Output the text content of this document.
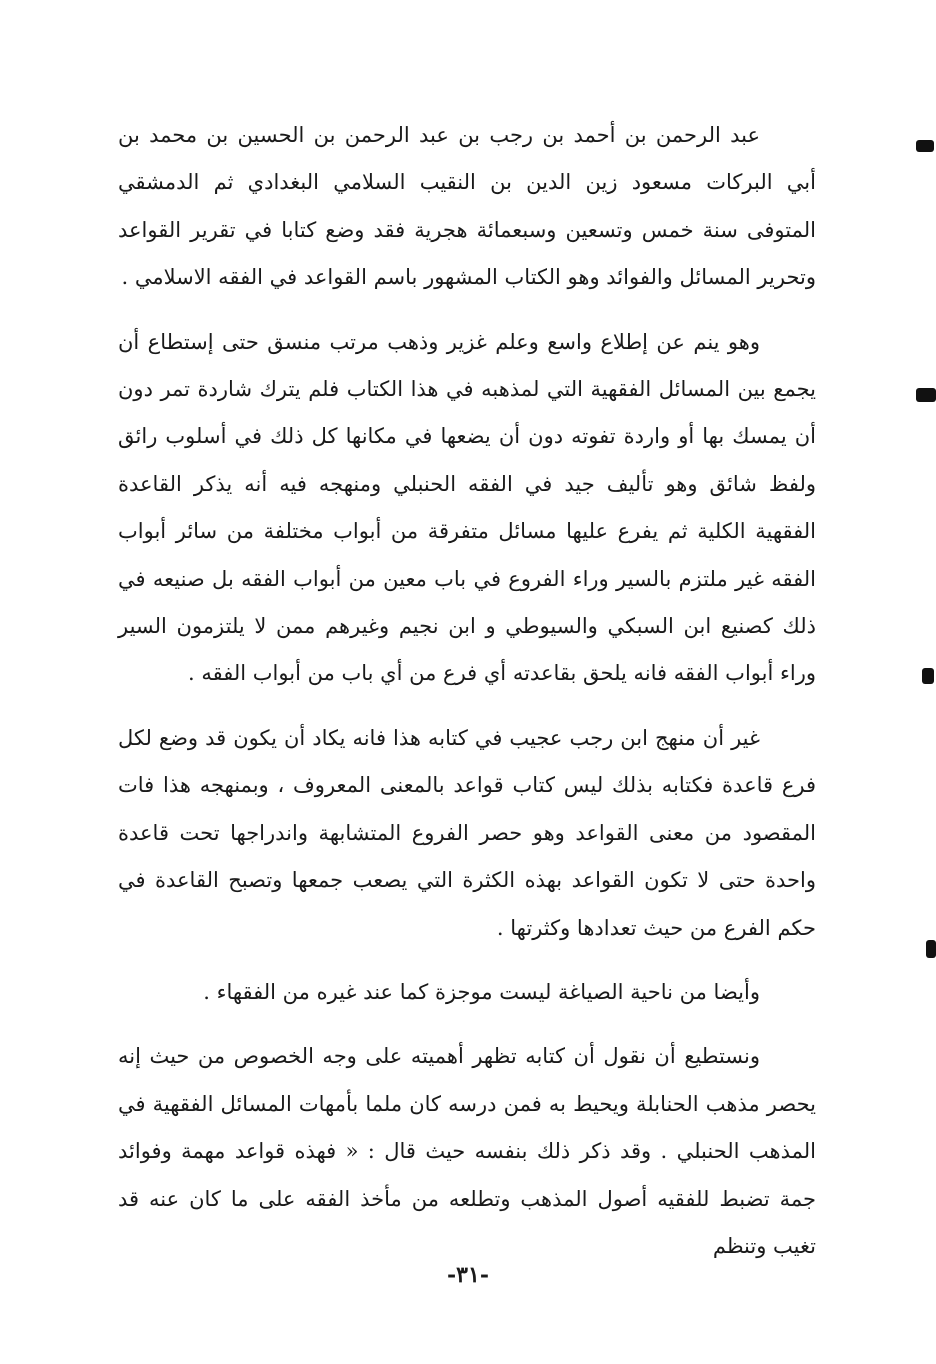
عبد الرحمن بن أحمد بن رجب بن عبد الرحمن بن الحسين بن محمد بن أبي البركات مسعود زين الدين بن النقيب السلامي البغدادي ثم الدمشقي المتوفى سنة خمس وتسعين وسبعمائة هجرية فقد وضع كتابا في تقرير القواعد وتحرير المسائل والفوائد وهو الكتاب المشهور باسم القواعد في الفقه الاسلامي .

وهو ينم عن إطلاع واسع وعلم غزير وذهب مرتب منسق حتى إستطاع أن يجمع بين المسائل الفقهية التي لمذهبه في هذا الكتاب فلم يترك شاردة تمر دون أن يمسك بها أو واردة تفوته دون أن يضعها في مكانها كل ذلك في أسلوب رائق ولفظ شائق وهو تأليف جيد في الفقه الحنبلي ومنهجه فيه أنه يذكر القاعدة الفقهية الكلية ثم يفرع عليها مسائل متفرقة من أبواب مختلفة من سائر أبواب الفقه غير ملتزم بالسير وراء الفروع في باب معين من أبواب الفقه بل صنيعه في ذلك كصنيع ابن السبكي والسيوطي و ابن نجيم وغيرهم ممن لا يلتزمون السير وراء أبواب الفقه فانه يلحق بقاعدته أي فرع من أي باب من أبواب الفقه .

غير أن منهج ابن رجب عجيب في كتابه هذا فانه يكاد أن يكون قد وضع لكل فرع قاعدة فكتابه بذلك ليس كتاب قواعد بالمعنى المعروف ، وبمنهجه هذا فات المقصود من معنى القواعد وهو حصر الفروع المتشابهة واندراجها تحت قاعدة واحدة حتى لا تكون القواعد بهذه الكثرة التي يصعب جمعها وتصبح القاعدة في حكم الفرع من حيث تعدادها وكثرتها .

وأيضا من ناحية الصياغة ليست موجزة كما عند غيره من الفقهاء .

ونستطيع أن نقول أن كتابه تظهر أهميته على وجه الخصوص من حيث إنه يحصر مذهب الحنابلة ويحيط به فمن درسه كان ملما بأمهات المسائل الفقهية في المذهب الحنبلي . وقد ذكر ذلك بنفسه حيث قال : « فهذه قواعد مهمة وفوائد جمة تضبط للفقيه أصول المذهب وتطلعه من مأخذ الفقه على ما كان عنه قد تغيب وتنظم

-٣١-
